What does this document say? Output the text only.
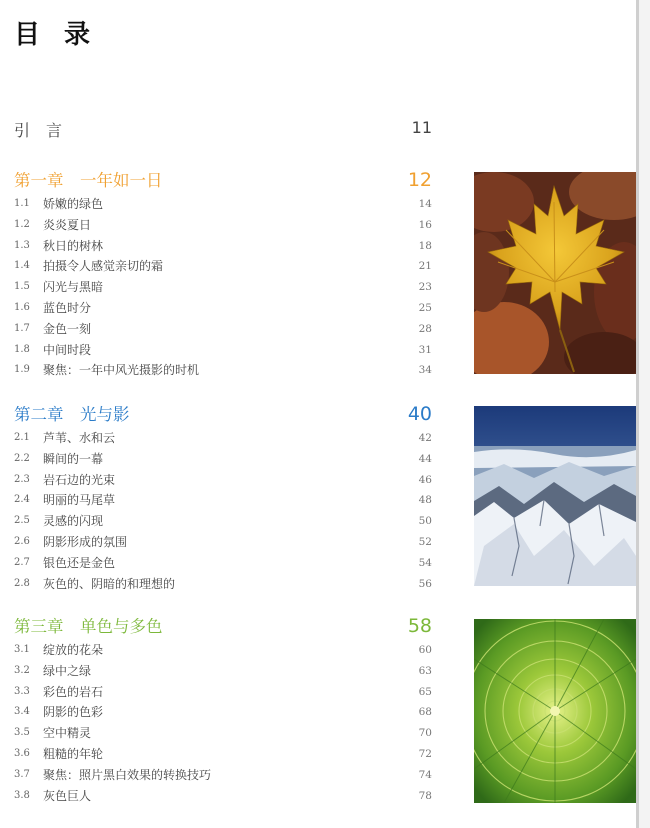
目录
引言	11
第一章　一年如一日	12
1.1 娇嫩的绿色	14
1.2 炎炎夏日	16
1.3 秋日的树林	18
1.4 拍摄令人感觉亲切的霜	21
1.5 闪光与黑暗	23
1.6 蓝色时分	25
1.7 金色一刻	28
1.8 中间时段	31
1.9 聚焦：一年中风光摄影的时机	34
第二章　光与影	40
2.1 芦苇、水和云	42
2.2 瞬间的一幕	44
2.3 岩石边的光束	46
2.4 明丽的马尾草	48
2.5 灵感的闪现	50
2.6 阴影形成的氛围	52
2.7 银色还是金色	54
2.8 灰色的、阴暗的和理想的	56
第三章　单色与多色	58
3.1 绽放的花朵	60
3.2 绿中之绿	63
3.3 彩色的岩石	65
3.4 阴影的色彩	68
3.5 空中精灵	70
3.6 粗糙的年轮	72
3.7 聚焦：照片黑白效果的转换技巧	74
3.8 灰色巨人	78
